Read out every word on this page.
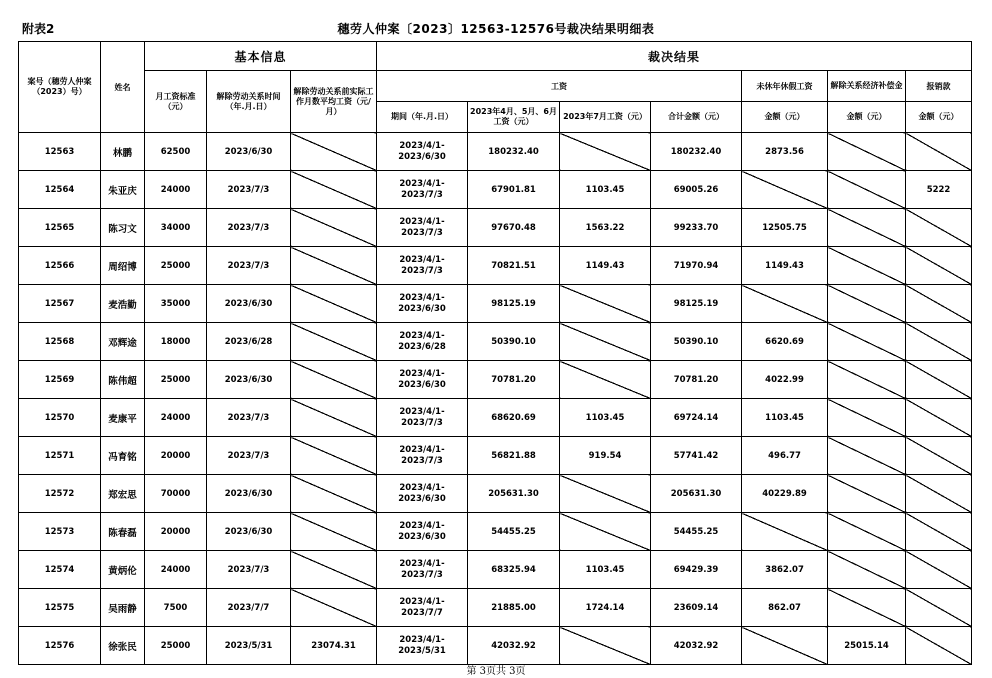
附表2	穗劳人仲案〔2023〕12563-12576号裁决结果明细表
案号（穗劳人仲案（2023）号）	姓名	基本信息			裁决结果						
		月工资标准（元）	解除劳动关系时间（年.月.日）	解除劳动关系前实际工作月数平均工资（元/月）	工资				未休年休假工资	解除关系经济补偿金	报销款
					期间（年.月.日）	2023年4月、5月、6月工资（元）	2023年7月工资（元）	合计金额（元）	金额（元）	金额（元）	金额（元）
12563	林鹏	62500	2023/6/30		2023/4/1-2023/6/30	180232.40		180232.40	2873.56		
12564	朱亚庆	24000	2023/7/3		2023/4/1-2023/7/3	67901.81	1103.45	69005.26			5222
12565	陈习文	34000	2023/7/3		2023/4/1-2023/7/3	97670.48	1563.22	99233.70	12505.75		
12566	周绍博	25000	2023/7/3		2023/4/1-2023/7/3	70821.51	1149.43	71970.94	1149.43		
12567	麦浩勤	35000	2023/6/30		2023/4/1-2023/6/30	98125.19		98125.19			
12568	邓辉途	18000	2023/6/28		2023/4/1-2023/6/28	50390.10		50390.10	6620.69		
12569	陈伟超	25000	2023/6/30		2023/4/1-2023/6/30	70781.20		70781.20	4022.99		
12570	麦康平	24000	2023/7/3		2023/4/1-2023/7/3	68620.69	1103.45	69724.14	1103.45		
12571	冯育铭	20000	2023/7/3		2023/4/1-2023/7/3	56821.88	919.54	57741.42	496.77		
12572	郑宏思	70000	2023/6/30		2023/4/1-2023/6/30	205631.30		205631.30	40229.89		
12573	陈春磊	20000	2023/6/30		2023/4/1-2023/6/30	54455.25		54455.25			
12574	黄炳伦	24000	2023/7/3		2023/4/1-2023/7/3	68325.94	1103.45	69429.39	3862.07		
12575	吴雨静	7500	2023/7/7		2023/4/1-2023/7/7	21885.00	1724.14	23609.14	862.07		
12576	徐张民	25000	2023/5/31	23074.31	2023/4/1-2023/5/31	42032.92		42032.92		25015.14	
第 3页共 3页
